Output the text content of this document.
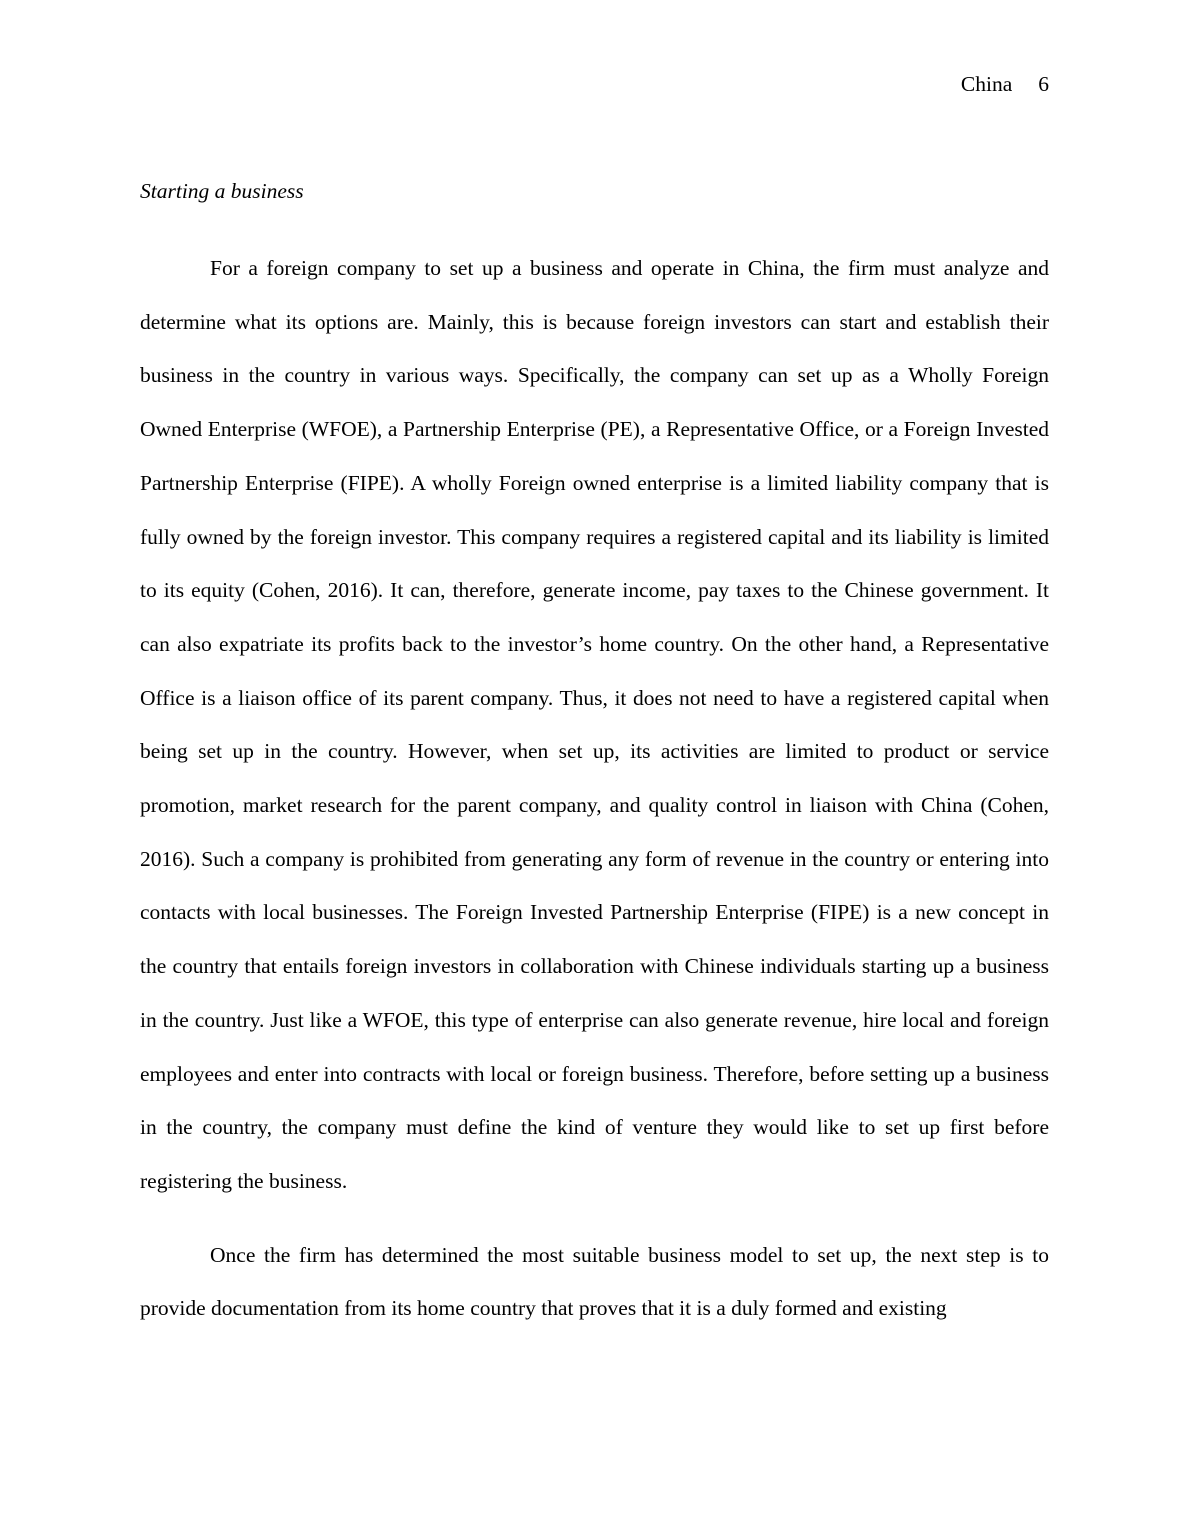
China 6
Starting a business

For a foreign company to set up a business and operate in China, the firm must analyze and determine what its options are. Mainly, this is because foreign investors can start and establish their business in the country in various ways. Specifically, the company can set up as a Wholly Foreign Owned Enterprise (WFOE), a Partnership Enterprise (PE), a Representative Office, or a Foreign Invested Partnership Enterprise (FIPE). A wholly Foreign owned enterprise is a limited liability company that is fully owned by the foreign investor. This company requires a registered capital and its liability is limited to its equity (Cohen, 2016). It can, therefore, generate income, pay taxes to the Chinese government. It can also expatriate its profits back to the investor’s home country. On the other hand, a Representative Office is a liaison office of its parent company. Thus, it does not need to have a registered capital when being set up in the country. However, when set up, its activities are limited to product or service promotion, market research for the parent company, and quality control in liaison with China (Cohen, 2016). Such a company is prohibited from generating any form of revenue in the country or entering into contacts with local businesses. The Foreign Invested Partnership Enterprise (FIPE) is a new concept in the country that entails foreign investors in collaboration with Chinese individuals starting up a business in the country. Just like a WFOE, this type of enterprise can also generate revenue, hire local and foreign employees and enter into contracts with local or foreign business. Therefore, before setting up a business in the country, the company must define the kind of venture they would like to set up first before registering the business.

Once the firm has determined the most suitable business model to set up, the next step is to provide documentation from its home country that proves that it is a duly formed and existing
